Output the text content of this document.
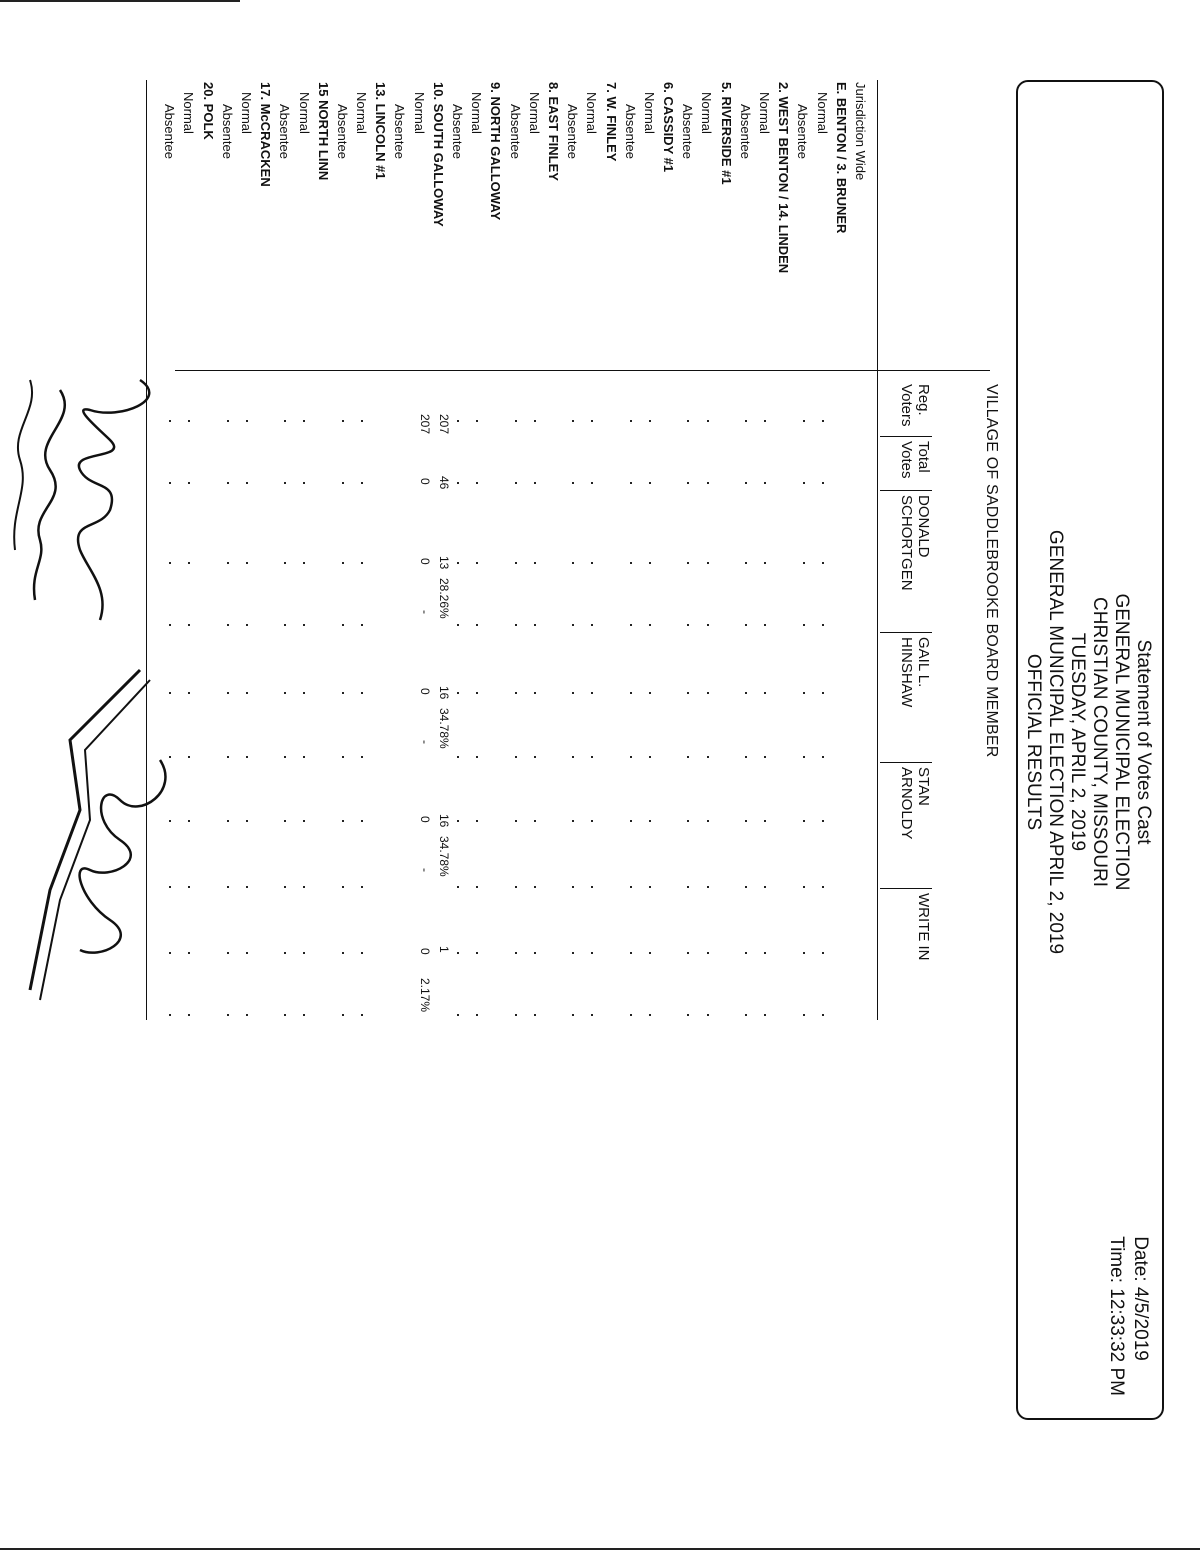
Statement of Votes Cast
GENERAL MUNICIPAL ELECTION
CHRISTIAN COUNTY, MISSOURI
TUESDAY, APRIL 2, 2019
GENERAL MUNICIPAL ELECTION APRIL 2, 2019
OFFICIAL RESULTS
Date: 4/5/2019
Time: 12:33:32 PM
VILLAGE OF SADDLEBROOKE BOARD MEMBER
Reg.
Voters
Total
Votes
DONALD
SCHORTGEN
GAIL L.
HINSHAW
STAN
ARNOLDY
WRITE IN
Jurisdiction Wide
E. BENTON / 3. BRUNER
Normal
Absentee
2. WEST BENTON / 14. LINDEN
Normal
Absentee
5. RIVERSIDE #1
Normal
Absentee
6. CASSIDY #1
Normal
Absentee
7. W. FINLEY
Normal
Absentee
8. EAST FINLEY
Normal
Absentee
9. NORTH GALLOWAY
Normal
Absentee
10. SOUTH GALLOWAY
Normal
Absentee
13. LINCOLN #1
Normal
Absentee
15 NORTH LINN
Normal
Absentee
17. McCRACKEN
Normal
Absentee
20. POLK
Normal
Absentee
207
46
13
28.26%
16
34.78%
16
34.78%
1
2.17%
207
0
0
-
0
-
0
-
0
